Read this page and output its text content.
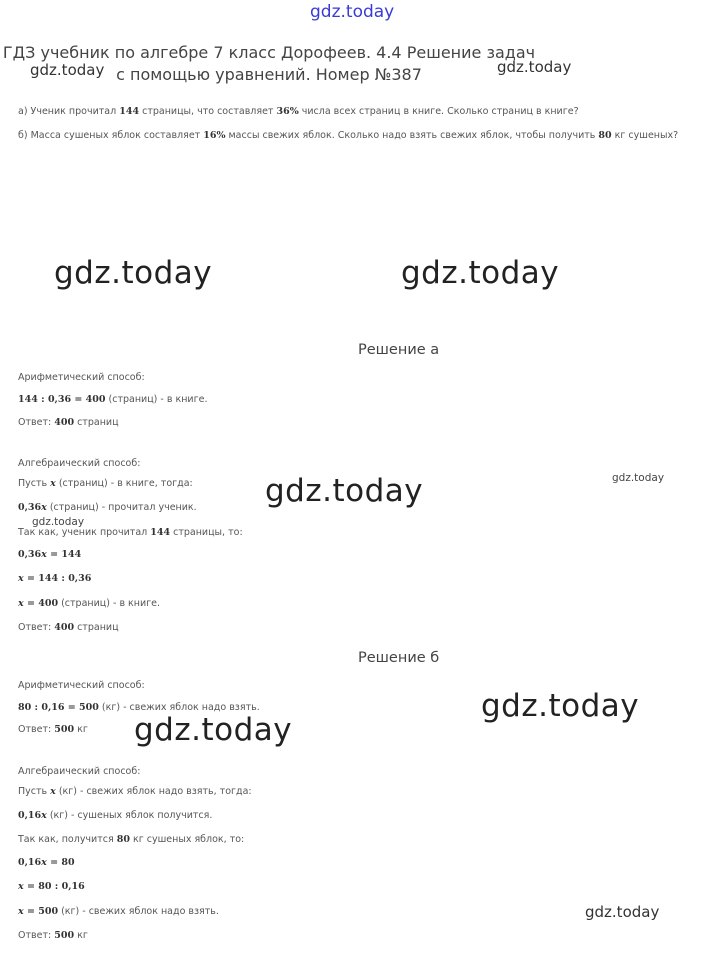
gdz.today
gdz.today	gdz.today
ГДЗ учебник по алгебре 7 класс Дорофеев. 4.4 Решение задач
с помощью уравнений. Номер №387
а) Ученик прочитал 144 страницы, что составляет 36% числа всех страниц в книге. Сколько страниц в книге?
б) Масса сушеных яблок составляет 16% массы свежих яблок. Сколько надо взять свежих яблок, чтобы получить 80 кг сушеных?
gdz.today	gdz.today
Решение а
Арифметический способ:
144 : 0,36 = 400 (страниц) - в книге.
Ответ: 400 страниц
Алгебраический способ:
Пусть x (страниц) - в книге, тогда: gdz.today	gdz.today
0,36x (страниц) - прочитал ученик.
gdz.today
Так как, ученик прочитал 144 страницы, то:
0,36x = 144
x = 144 : 0,36
x = 400 (страниц) - в книге.
Ответ: 400 страниц
Решение б
Арифметический способ:
gdz.today
80 : 0,16 = 500 (кг) - свежих яблок надо взять.
gdz.today
Ответ: 500 кг
Алгебраический способ:
Пусть x (кг) - свежих яблок надо взять, тогда:
0,16x (кг) - сушеных яблок получится.
Так как, получится 80 кг сушеных яблок, то:
0,16x = 80
x = 80 : 0,16
x = 500 (кг) - свежих яблок надо взять.	gdz.today
Ответ: 500 кг
